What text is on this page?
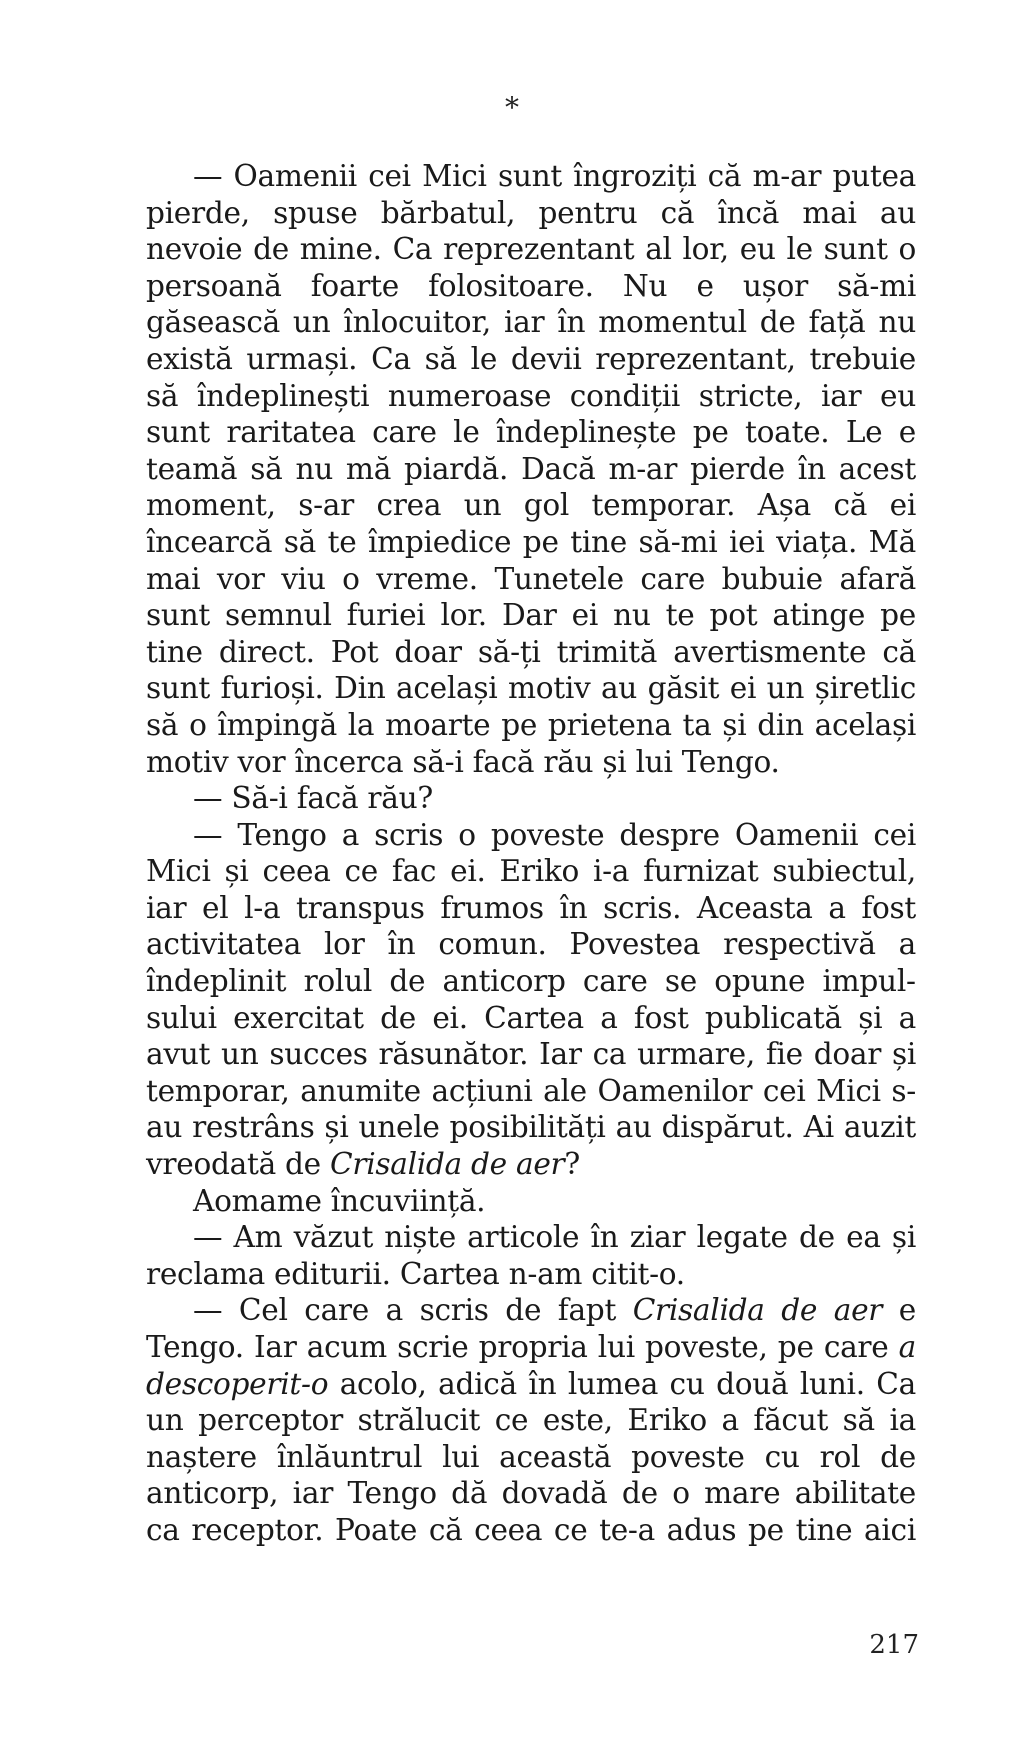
*

— Oamenii cei Mici sunt îngroziți că m-ar putea pierde, spuse bărbatul, pentru că încă mai au nevoie de mine. Ca reprezentant al lor, eu le sunt o persoană foarte folositoare. Nu e ușor să-mi găsească un înlocuitor, iar în momentul de față nu există urmași. Ca să le devii reprezentant, trebuie să îndeplinești numeroase condiții stricte, iar eu sunt raritatea care le îndeplinește pe toate. Le e teamă să nu mă piardă. Dacă m-ar pierde în acest moment, s-ar crea un gol temporar. Așa că ei încearcă să te împiedice pe tine să-mi iei viața. Mă mai vor viu o vreme. Tunetele care bubuie afară sunt semnul furiei lor. Dar ei nu te pot atinge pe tine direct. Pot doar să-ți trimită avertismente că sunt furioși. Din același motiv au găsit ei un șiretlic să o împingă la moarte pe prietena ta și din același motiv vor încerca să-i facă rău și lui Tengo.

— Să-i facă rău?

— Tengo a scris o poveste despre Oamenii cei Mici și ceea ce fac ei. Eriko i-a furnizat subiectul, iar el l-a transpus frumos în scris. Aceasta a fost activitatea lor în comun. Povestea respectivă a îndeplinit rolul de anticorp care se opune impulsului exercitat de ei. Cartea a fost publicată și a avut un succes răsunător. Iar ca urmare, fie doar și temporar, anumite acțiuni ale Oamenilor cei Mici s-au restrâns și unele posibilități au dispărut. Ai auzit vreodată de Crisalida de aer?

Aomame încuviință.

— Am văzut niște articole în ziar legate de ea și reclama editurii. Cartea n-am citit-o.

— Cel care a scris de fapt Crisalida de aer e Tengo. Iar acum scrie propria lui poveste, pe care a descoperit-o acolo, adică în lumea cu două luni. Ca un perceptor strălucit ce este, Eriko a făcut să ia naștere înlăuntrul lui această poveste cu rol de anticorp, iar Tengo dă dovadă de o mare abilitate ca receptor. Poate că ceea ce te-a adus pe tine aici

217
